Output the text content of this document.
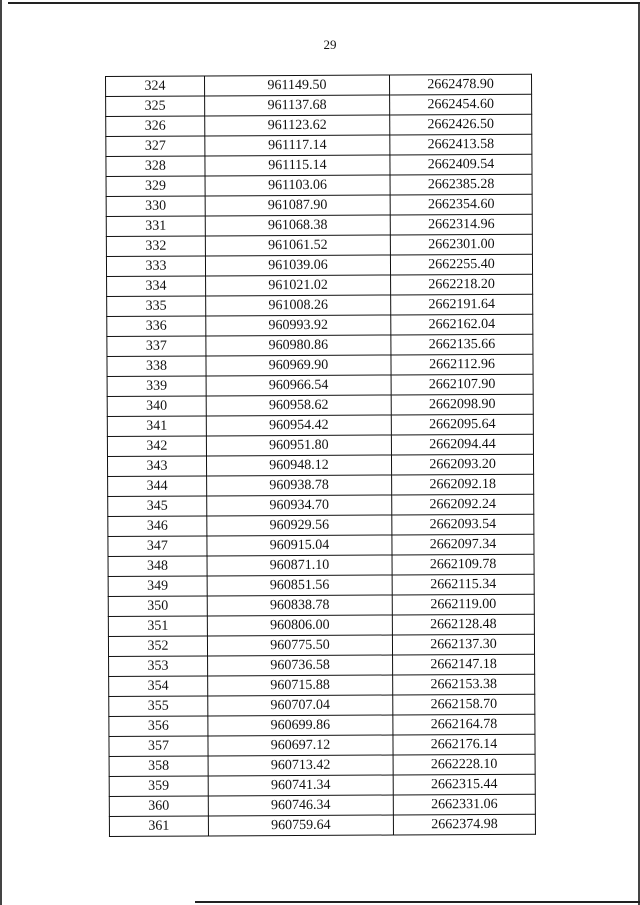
29
324	961149.50	2662478.90
325	961137.68	2662454.60
326	961123.62	2662426.50
327	961117.14	2662413.58
328	961115.14	2662409.54
329	961103.06	2662385.28
330	961087.90	2662354.60
331	961068.38	2662314.96
332	961061.52	2662301.00
333	961039.06	2662255.40
334	961021.02	2662218.20
335	961008.26	2662191.64
336	960993.92	2662162.04
337	960980.86	2662135.66
338	960969.90	2662112.96
339	960966.54	2662107.90
340	960958.62	2662098.90
341	960954.42	2662095.64
342	960951.80	2662094.44
343	960948.12	2662093.20
344	960938.78	2662092.18
345	960934.70	2662092.24
346	960929.56	2662093.54
347	960915.04	2662097.34
348	960871.10	2662109.78
349	960851.56	2662115.34
350	960838.78	2662119.00
351	960806.00	2662128.48
352	960775.50	2662137.30
353	960736.58	2662147.18
354	960715.88	2662153.38
355	960707.04	2662158.70
356	960699.86	2662164.78
357	960697.12	2662176.14
358	960713.42	2662228.10
359	960741.34	2662315.44
360	960746.34	2662331.06
361	960759.64	2662374.98
